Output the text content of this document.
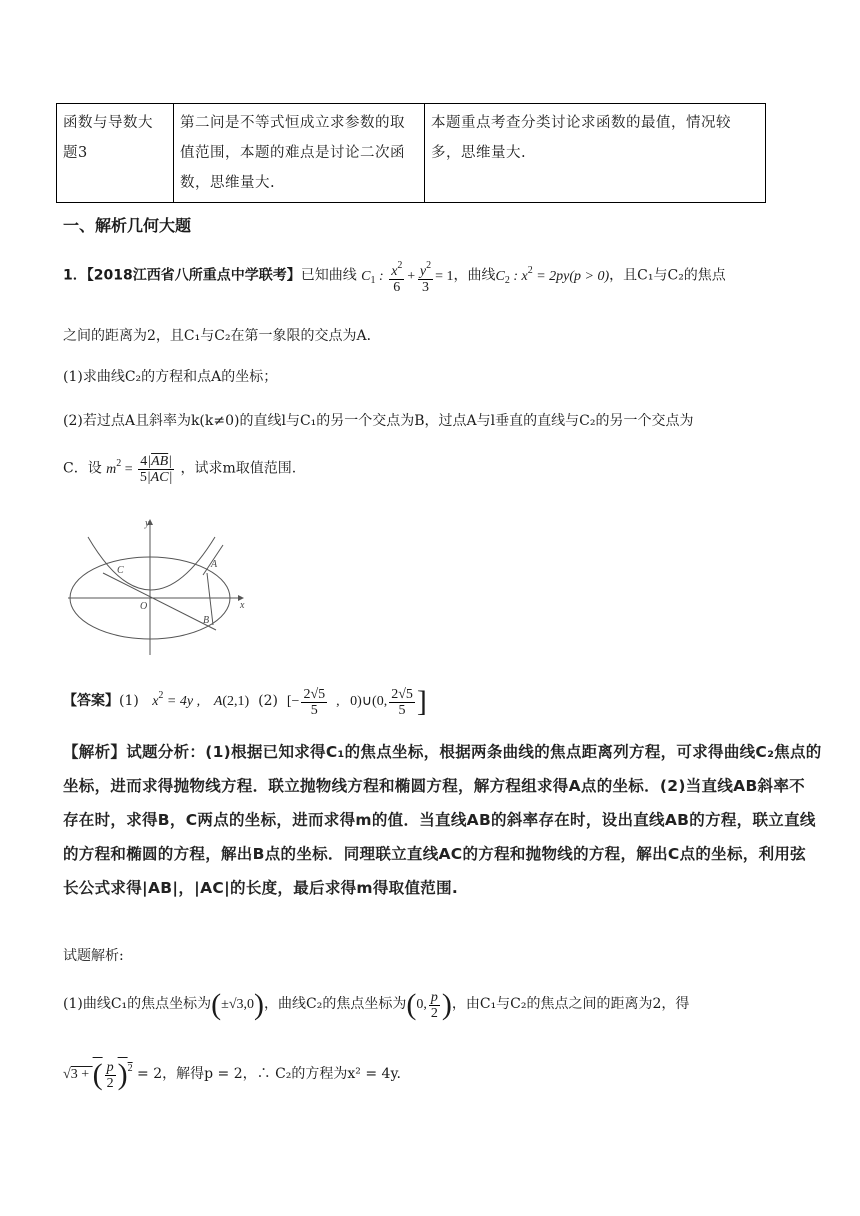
函数与导数大题3	第二问是不等式恒成立求参数的取值范围，本题的难点是讨论二次函数，思维量大.	本题重点考查分类讨论求函数的最值，情况较多，思维量大.
一、解析几何大题
1．【2018江西省八所重点中学联考】已知曲线 $C_1$ : $\frac{x^2}{6} + \frac{y^2}{3} = 1$，曲线$C_2$ : $x^2 = 2py(p > 0)$，且C₁与C₂的焦点
之间的距离为2，且C₁与C₂在第一象限的交点为A．
(1)求曲线C₂的方程和点A的坐标；
(2)若过点A且斜率为k(k≠0)的直线l与C₁的另一个交点为B，过点A与l垂直的直线与C₂的另一个交点为
C．设 $m^2 = \frac{4|\overline{AB}|}{5|\overline{AC}|}$ ，试求m取值范围.
y
x
O
A
B
C
【答案】(1) $x^2 = 4y$ ,    A(2,1) (2) [− $\frac{2√5}{5}$ ,   0)∪(0, $\frac{2√5}{5}$ ]
【解析】试题分析：(1)根据已知求得C₁的焦点坐标，根据两条曲线的焦点距离列方程，可求得曲线C₂焦点的
坐标，进而求得抛物线方程．联立抛物线方程和椭圆方程，解方程组求得A点的坐标．(2)当直线AB斜率不
存在时，求得B，C两点的坐标，进而求得m的值．当直线AB的斜率存在时，设出直线AB的方程，联立直线
的方程和椭圆的方程，解出B点的坐标．同理联立直线AC的方程和抛物线的方程，解出C点的坐标，利用弦
长公式求得|AB|，|AC|的长度，最后求得m得取值范围.
试题解析:
(1)曲线C₁的焦点坐标为(±√3,0)，曲线C₂的焦点坐标为(0, $\frac{p}{2}$ )，由C₁与C₂的焦点之间的距离为2，得
√3 + ( $\frac{p}{2} )^2 = 2$，解得p = 2，∴ C₂的方程为x² = 4y.
